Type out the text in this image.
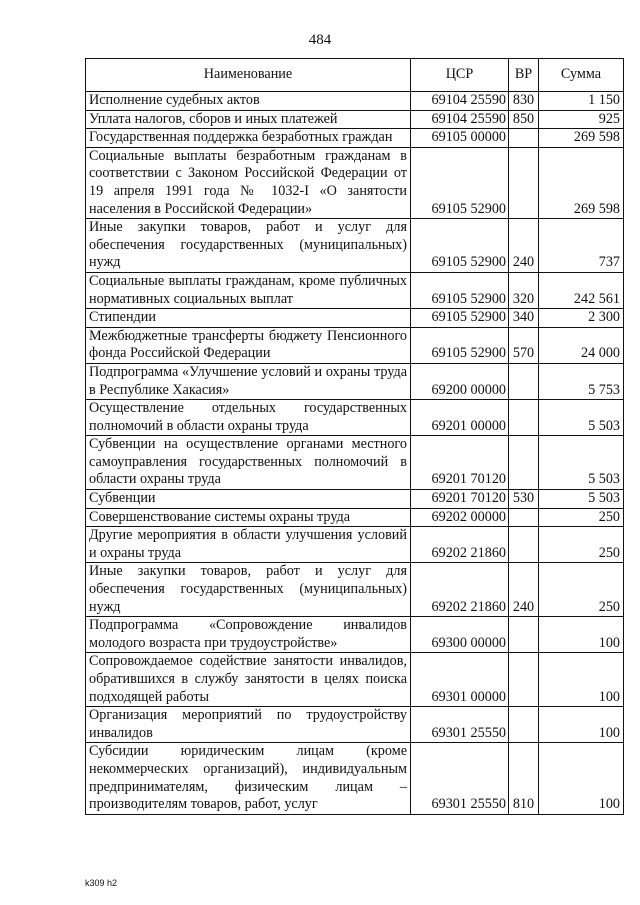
484
Наименование	ЦСР	ВР	Сумма
Исполнение судебных актов	69104 25590	830	1 150
Уплата налогов, сборов и иных платежей	69104 25590	850	925
Государственная поддержка безработных граждан	69105 00000		269 598
Социальные выплаты безработным гражданам в соответствии с Законом Российской Федерации от 19 апреля 1991 года № 1032-I «О занятости населения в Российской Федерации»	69105 52900		269 598
Иные закупки товаров, работ и услуг для обеспечения государственных (муниципальных) нужд	69105 52900	240	737
Социальные выплаты гражданам, кроме публичных нормативных социальных выплат	69105 52900	320	242 561
Стипендии	69105 52900	340	2 300
Межбюджетные трансферты бюджету Пенсионного фонда Российской Федерации	69105 52900	570	24 000
Подпрограмма «Улучшение условий и охраны труда в Республике Хакасия»	69200 00000		5 753
Осуществление отдельных государственных полномочий в области охраны труда	69201 00000		5 503
Субвенции на осуществление органами местного самоуправления государственных полномочий в области охраны труда	69201 70120		5 503
Субвенции	69201 70120	530	5 503
Совершенствование системы охраны труда	69202 00000		250
Другие мероприятия в области улучшения условий и охраны труда	69202 21860		250
Иные закупки товаров, работ и услуг для обеспечения государственных (муниципальных) нужд	69202 21860	240	250
Подпрограмма «Сопровождение инвалидов молодого возраста при трудоустройстве»	69300 00000		100
Сопровождаемое содействие занятости инвалидов, обратившихся в службу занятости в целях поиска подходящей работы	69301 00000		100
Организация мероприятий по трудоустройству инвалидов	69301 25550		100
Субсидии юридическим лицам (кроме некоммерческих организаций), индивидуальным предпринимателям, физическим лицам – производителям товаров, работ, услуг	69301 25550	810	100
k309 h2
